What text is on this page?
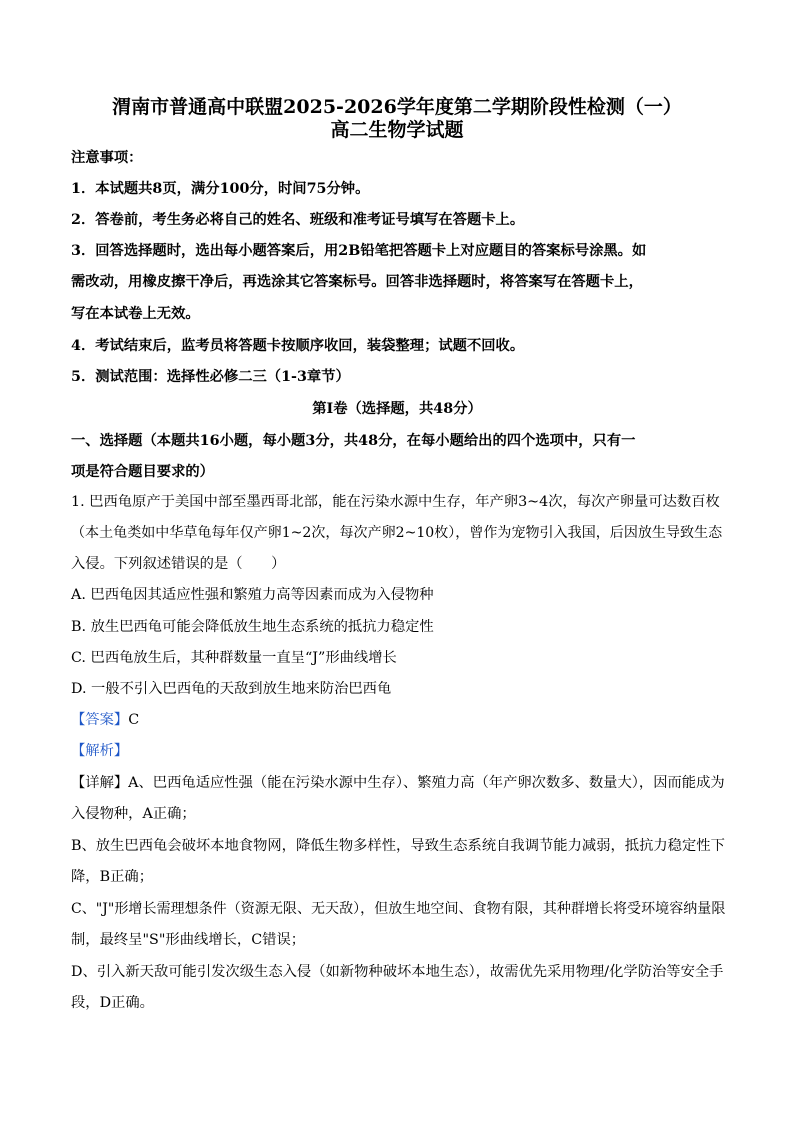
渭南市普通高中联盟2025-2026学年度第二学期阶段性检测（一）
高二生物学试题
注意事项：
1．本试题共8页，满分100分，时间75分钟。
2．答卷前，考生务必将自己的姓名、班级和准考证号填写在答题卡上。
3．回答选择题时，选出每小题答案后，用2B铅笔把答题卡上对应题目的答案标号涂黑。如
需改动，用橡皮擦干净后，再选涂其它答案标号。回答非选择题时，将答案写在答题卡上，
写在本试卷上无效。
4．考试结束后，监考员将答题卡按顺序收回，装袋整理；试题不回收。
5．测试范围：选择性必修二三（1-3章节）
第Ⅰ卷（选择题，共48分）
一、选择题（本题共16小题，每小题3分，共48分，在每小题给出的四个选项中，只有一
项是符合题目要求的）
1. 巴西龟原产于美国中部至墨西哥北部，能在污染水源中生存，年产卵3~4次，每次产卵量可达数百枚
（本土龟类如中华草龟每年仅产卵1~2次，每次产卵2~10枚），曾作为宠物引入我国，后因放生导致生态
入侵。下列叙述错误的是（　　）
A. 巴西龟因其适应性强和繁殖力高等因素而成为入侵物种
B. 放生巴西龟可能会降低放生地生态系统的抵抗力稳定性
C. 巴西龟放生后，其种群数量一直呈“J”形曲线增长
D. 一般不引入巴西龟的天敌到放生地来防治巴西龟
【答案】C
【解析】
【详解】A、巴西龟适应性强（能在污染水源中生存）、繁殖力高（年产卵次数多、数量大），因而能成为
入侵物种，A正确；
B、放生巴西龟会破坏本地食物网，降低生物多样性，导致生态系统自我调节能力减弱，抵抗力稳定性下
降，B正确；
C、"J"形增长需理想条件（资源无限、无天敌），但放生地空间、食物有限，其种群增长将受环境容纳量限
制，最终呈"S"形曲线增长，C错误；
D、引入新天敌可能引发次级生态入侵（如新物种破坏本地生态），故需优先采用物理/化学防治等安全手
段，D正确。
